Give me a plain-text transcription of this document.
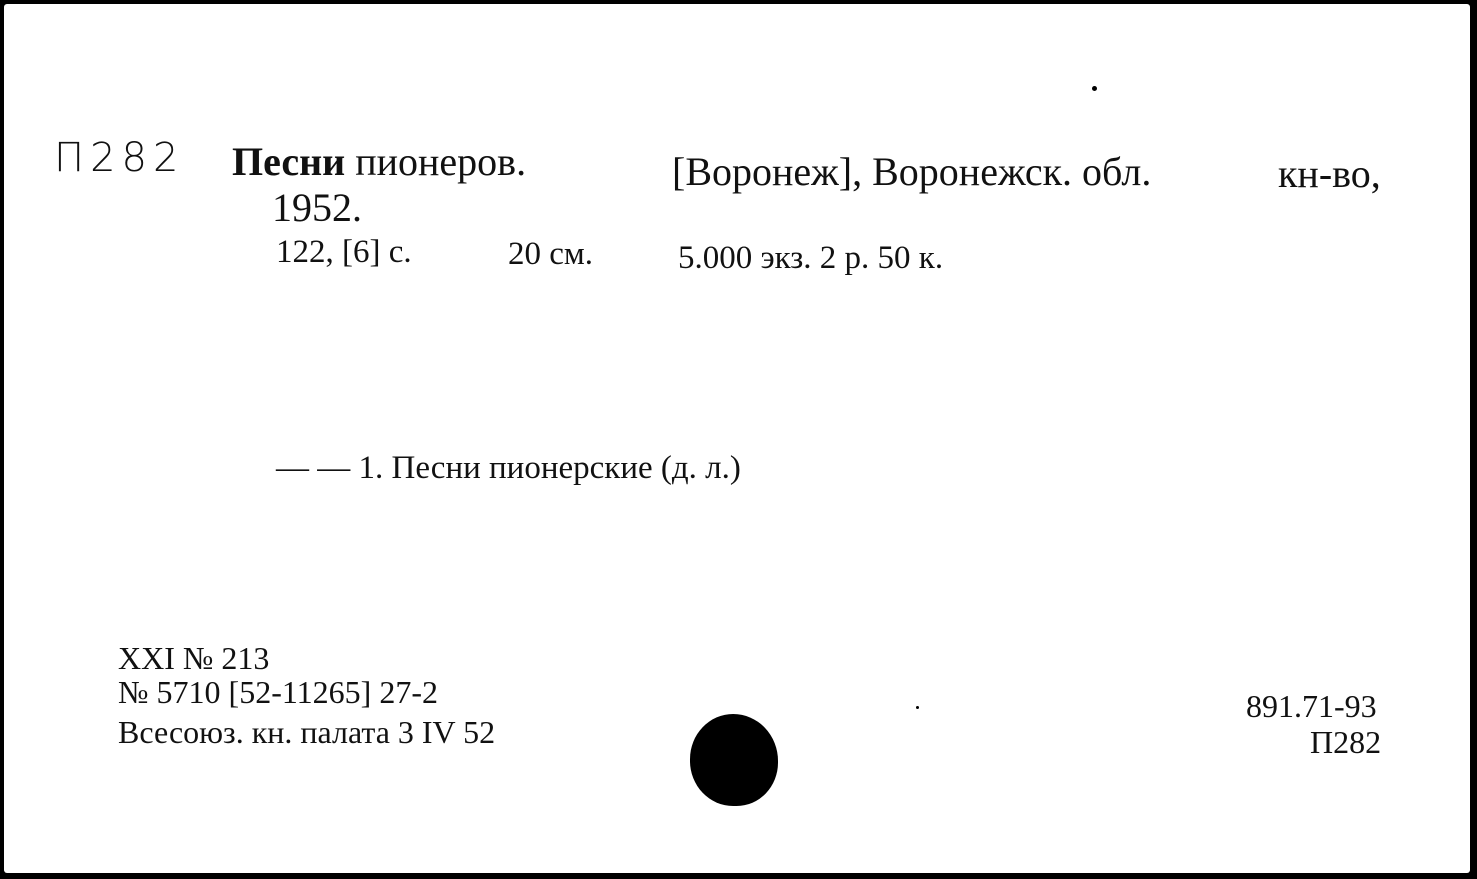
П282 Песни пионеров.	[Воронеж], Воронежск. обл.	кн-во,
1952.
122, [6] с.	20 см.	5.000 экз. 2 р. 50 к.
— — 1. Песни пионерские (д. л.)
XXI № 213
№ 5710 [52-11265] 27-2
Всесоюз. кн. палата 3 IV 52
891.71-93
П282
